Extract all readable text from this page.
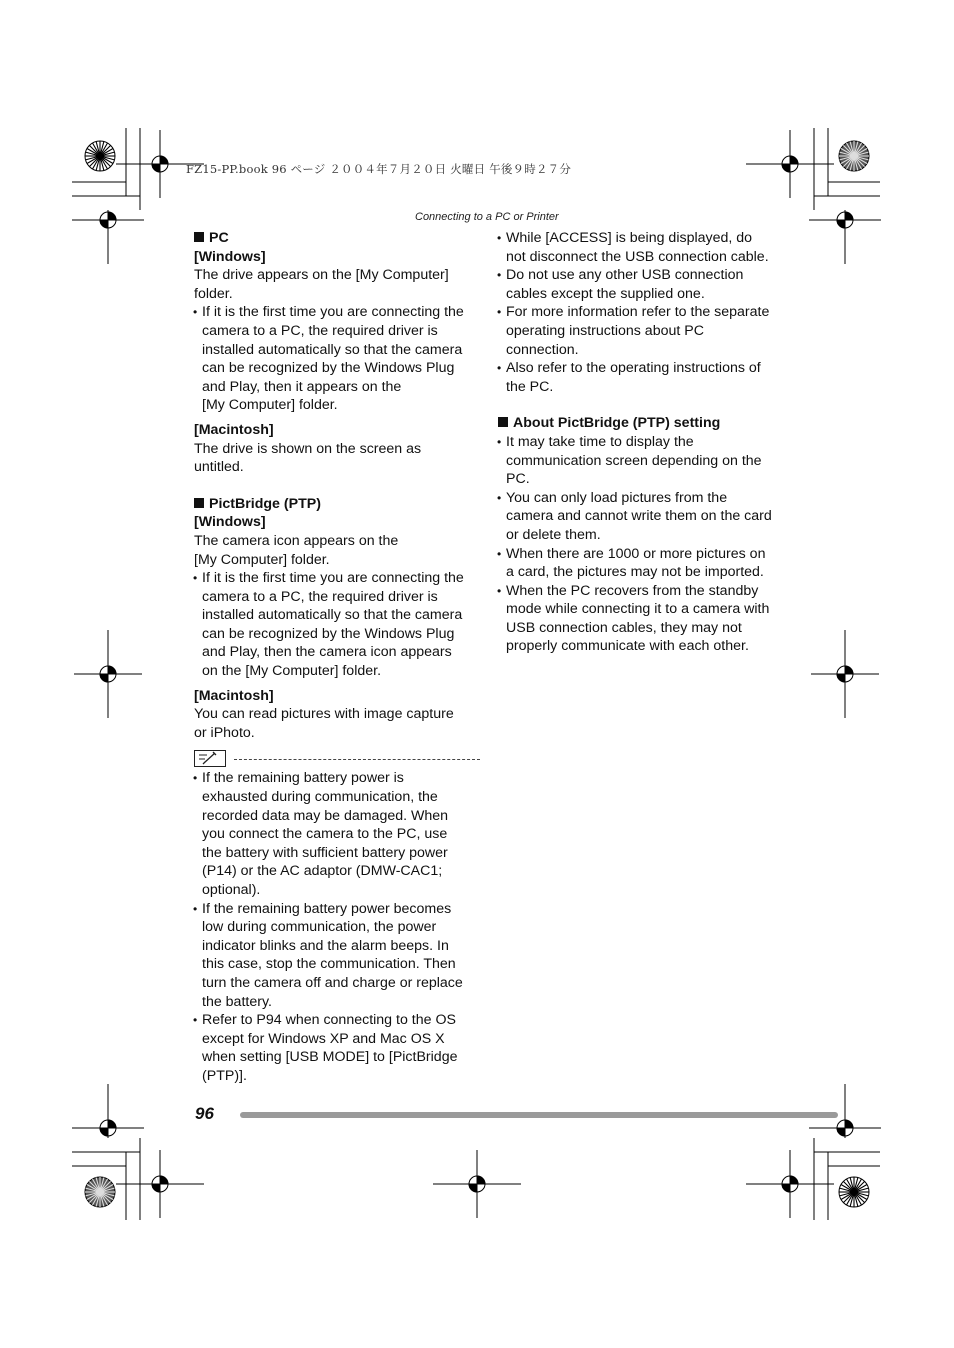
FZ15-PP.book 96 ページ ２００４年７月２０日 火曜日 午後９時２７分
Connecting to a PC or Printer
PC
[Windows]
The drive appears on the [My Computer]
folder.
• If it is the first time you are connecting the
camera to a PC, the required driver is
installed automatically so that the camera
can be recognized by the Windows Plug
and Play, then it appears on the
[My Computer] folder.
[Macintosh]
The drive is shown on the screen as
untitled.
PictBridge (PTP)
[Windows]
The camera icon appears on the
[My Computer] folder.
• If it is the first time you are connecting the
camera to a PC, the required driver is
installed automatically so that the camera
can be recognized by the Windows Plug
and Play, then the camera icon appears
on the [My Computer] folder.
[Macintosh]
You can read pictures with image capture
or iPhoto.
• If the remaining battery power is
exhausted during communication, the
recorded data may be damaged. When
you connect the camera to the PC, use
the battery with sufficient battery power
(P14) or the AC adaptor (DMW-CAC1;
optional).
• If the remaining battery power becomes
low during communication, the power
indicator blinks and the alarm beeps. In
this case, stop the communication. Then
turn the camera off and charge or replace
the battery.
• Refer to P94 when connecting to the OS
except for Windows XP and Mac OS X
when setting [USB MODE] to [PictBridge
(PTP)].
• While [ACCESS] is being displayed, do
not disconnect the USB connection cable.
• Do not use any other USB connection
cables except the supplied one.
• For more information refer to the separate
operating instructions about PC
connection.
• Also refer to the operating instructions of
the PC.
About PictBridge (PTP) setting
• It may take time to display the
communication screen depending on the
PC.
• You can only load pictures from the
camera and cannot write them on the card
or delete them.
• When there are 1000 or more pictures on
a card, the pictures may not be imported.
• When the PC recovers from the standby
mode while connecting it to a camera with
USB connection cables, they may not
properly communicate with each other.
96
